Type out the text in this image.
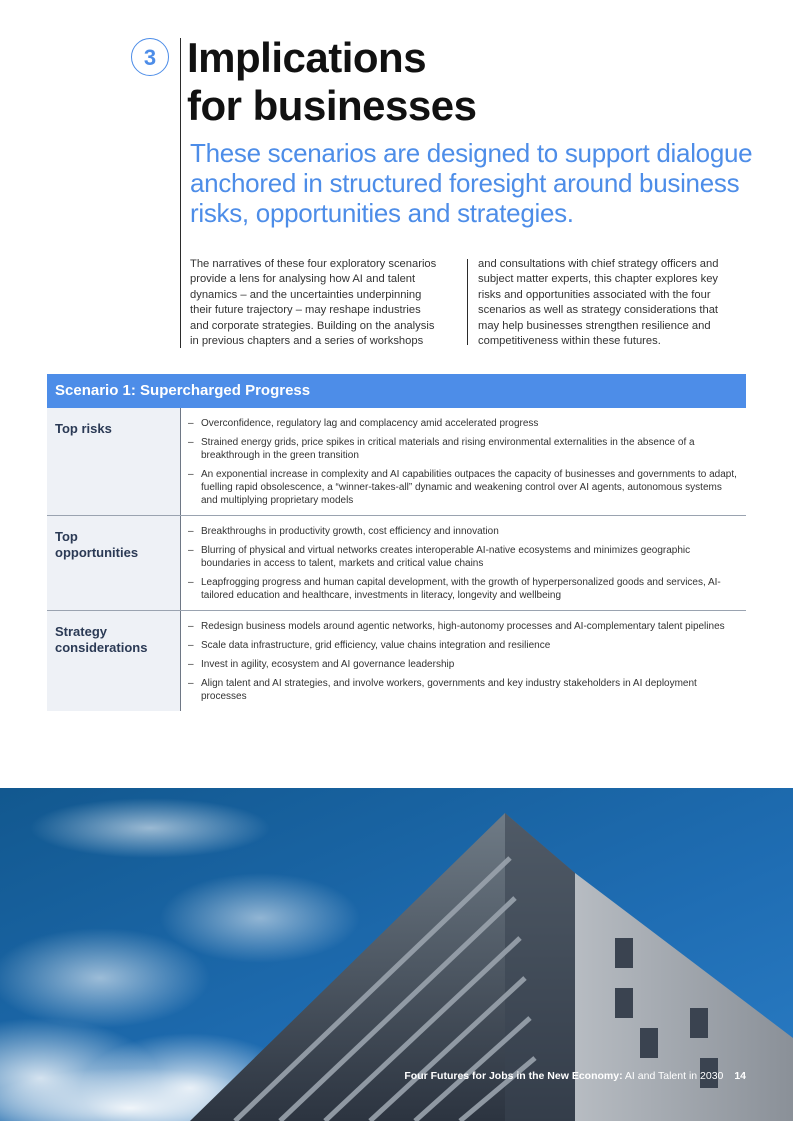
3 Implications
for businesses

These scenarios are designed to support dialogue anchored in structured foresight around business risks, opportunities and strategies.

The narratives of these four exploratory scenarios provide a lens for analysing how AI and talent dynamics – and the uncertainties underpinning their future trajectory – may reshape industries and corporate strategies. Building on the analysis in previous chapters and a series of workshops

and consultations with chief strategy officers and subject matter experts, this chapter explores key risks and opportunities associated with the four scenarios as well as strategy considerations that may help businesses strengthen resilience and competitiveness within these futures.

Scenario 1: Supercharged Progress
Top risks
–	Overconfidence, regulatory lag and complacency amid accelerated progress
– Strained energy grids, price spikes in critical materials and rising environmental externalities in the absence of a breakthrough in the green transition
– An exponential increase in complexity and AI capabilities outpaces the capacity of businesses and governments to adapt, fuelling rapid obsolescence, a “winner-takes-all” dynamic and weakening control over AI agents, autonomous systems and multiplying proprietary models
Top
opportunities
– Breakthroughs in productivity growth, cost efficiency and innovation
– Blurring of physical and virtual networks creates interoperable AI-native ecosystems and minimizes geographic boundaries in access to talent, markets and critical value chains
– Leapfrogging progress and human capital development, with the growth of hyperpersonalized goods and services, AI-tailored education and healthcare, investments in literacy, longevity and wellbeing
Strategy
considerations
– Redesign business models around agentic networks, high-autonomy processes and AI-complementary talent pipelines
– Scale data infrastructure, grid efficiency, value chains integration and resilience
– Invest in agility, ecosystem and AI governance leadership
– Align talent and AI strategies, and involve workers, governments and key industry stakeholders in AI deployment processes
Four Futures for Jobs in the New Economy: AI and Talent in 2030 14
